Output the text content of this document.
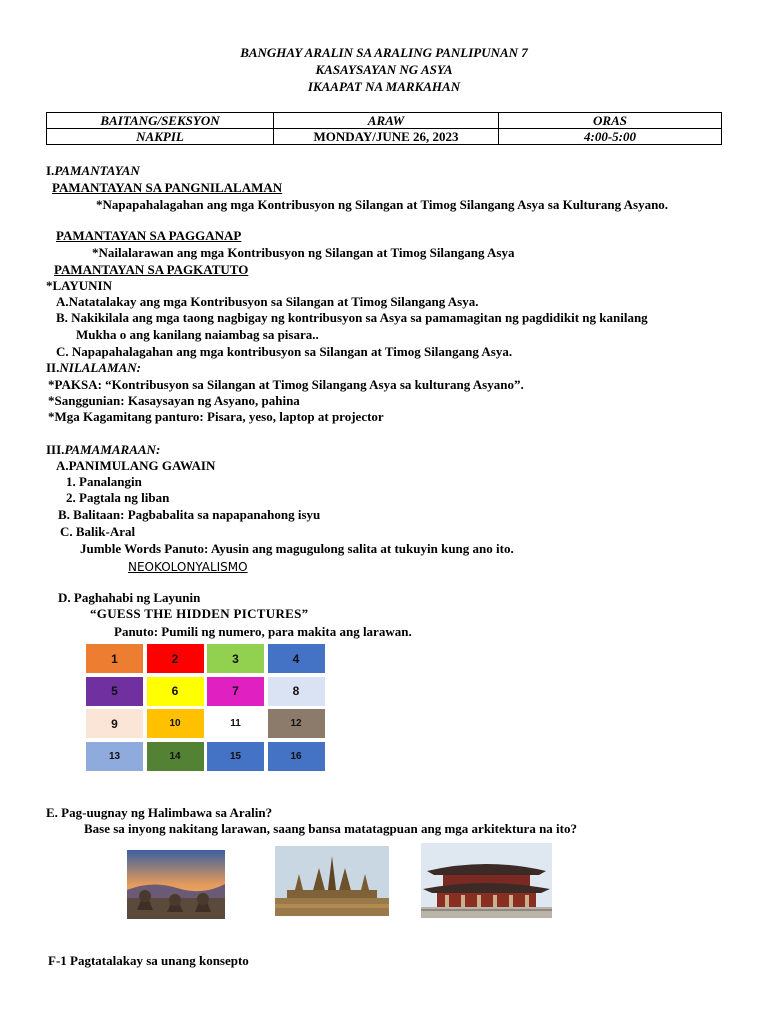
BANGHAY ARALIN SA ARALING PANLIPUNAN 7
KASAYSAYAN NG ASYA
IKAAPAT NA MARKAHAN
BAITANG/SEKSYON	ARAW	ORAS
NAKPIL	MONDAY/JUNE 26, 2023	4:00-5:00
I.PAMANTAYAN
PAMANTAYAN SA PANGNILALAMAN
*Napapahalagahan ang mga Kontribusyon ng Silangan at Timog Silangang Asya sa Kulturang Asyano.
PAMANTAYAN SA PAGGANAP
*Nailalarawan ang mga Kontribusyon ng Silangan at Timog Silangang Asya
PAMANTAYAN SA PAGKATUTO
*LAYUNIN
A.Natatalakay ang mga Kontribusyon sa Silangan at Timog Silangang Asya.
B. Nakikilala ang mga taong nagbigay ng kontribusyon sa Asya sa pamamagitan ng pagdidikit ng kanilang
Mukha o ang kanilang naiambag sa pisara..
C. Napapahalagahan ang mga kontribusyon sa Silangan at Timog Silangang Asya.
II.NILALAMAN:
*PAKSA: “Kontribusyon sa Silangan at Timog Silangang Asya sa kulturang Asyano”.
*Sanggunian: Kasaysayan ng Asyano, pahina
*Mga Kagamitang panturo: Pisara, yeso, laptop at projector
III.PAMAMARAAN:
A.PANIMULANG GAWAIN
1. Panalangin
2. Pagtala ng liban
B. Balitaan: Pagbabalita sa napapanahong isyu
C. Balik-Aral
Jumble Words Panuto: Ayusin ang magugulong salita at tukuyin kung ano ito.
NEOKOLONYALISMO
D. Paghahabi ng Layunin
“GUESS THE HIDDEN PICTURES”
Panuto: Pumili ng numero, para makita ang larawan.
1	2	3	4
5	6	7	8
9	10	11	12
13	14	15	16
E. Pag-uugnay ng Halimbawa sa Aralin?
Base sa inyong nakitang larawan, saang bansa matatagpuan ang mga arkitektura na ito?
F-1 Pagtatalakay sa unang konsepto
